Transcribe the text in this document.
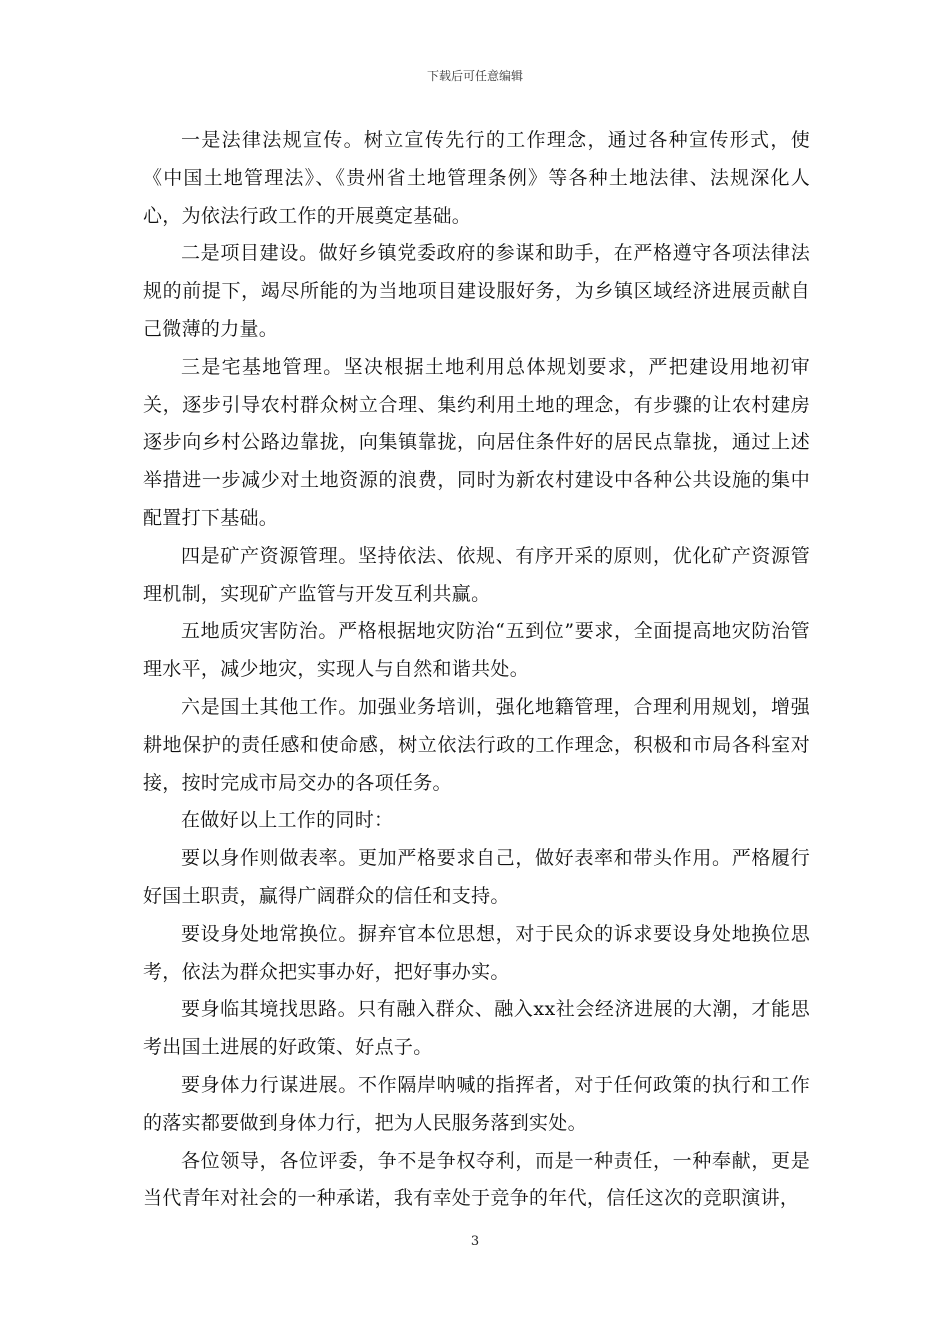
下载后可任意编辑

一是法律法规宣传。树立宣传先行的工作理念，通过各种宣传形式，使《中国土地管理法》、《贵州省土地管理条例》等各种土地法律、法规深化人心，为依法行政工作的开展奠定基础。

二是项目建设。做好乡镇党委政府的参谋和助手，在严格遵守各项法律法规的前提下，竭尽所能的为当地项目建设服好务，为乡镇区域经济进展贡献自己微薄的力量。

三是宅基地管理。坚决根据土地利用总体规划要求，严把建设用地初审关，逐步引导农村群众树立合理、集约利用土地的理念，有步骤的让农村建房逐步向乡村公路边靠拢，向集镇靠拢，向居住条件好的居民点靠拢，通过上述举措进一步减少对土地资源的浪费，同时为新农村建设中各种公共设施的集中配置打下基础。

四是矿产资源管理。坚持依法、依规、有序开采的原则，优化矿产资源管理机制，实现矿产监管与开发互利共赢。

五地质灾害防治。严格根据地灾防治“五到位”要求，全面提高地灾防治管理水平，减少地灾，实现人与自然和谐共处。

六是国土其他工作。加强业务培训，强化地籍管理，合理利用规划，增强耕地保护的责任感和使命感，树立依法行政的工作理念，积极和市局各科室对接，按时完成市局交办的各项任务。

在做好以上工作的同时：

要以身作则做表率。更加严格要求自己，做好表率和带头作用。严格履行好国土职责，赢得广阔群众的信任和支持。

要设身处地常换位。摒弃官本位思想，对于民众的诉求要设身处地换位思考，依法为群众把实事办好，把好事办实。

要身临其境找思路。只有融入群众、融入xx社会经济进展的大潮，才能思考出国土进展的好政策、好点子。

要身体力行谋进展。不作隔岸呐喊的指挥者，对于任何政策的执行和工作的落实都要做到身体力行，把为人民服务落到实处。

各位领导，各位评委，争不是争权夺利，而是一种责任，一种奉献，更是当代青年对社会的一种承诺，我有幸处于竞争的年代，信任这次的竞职演讲，

3
